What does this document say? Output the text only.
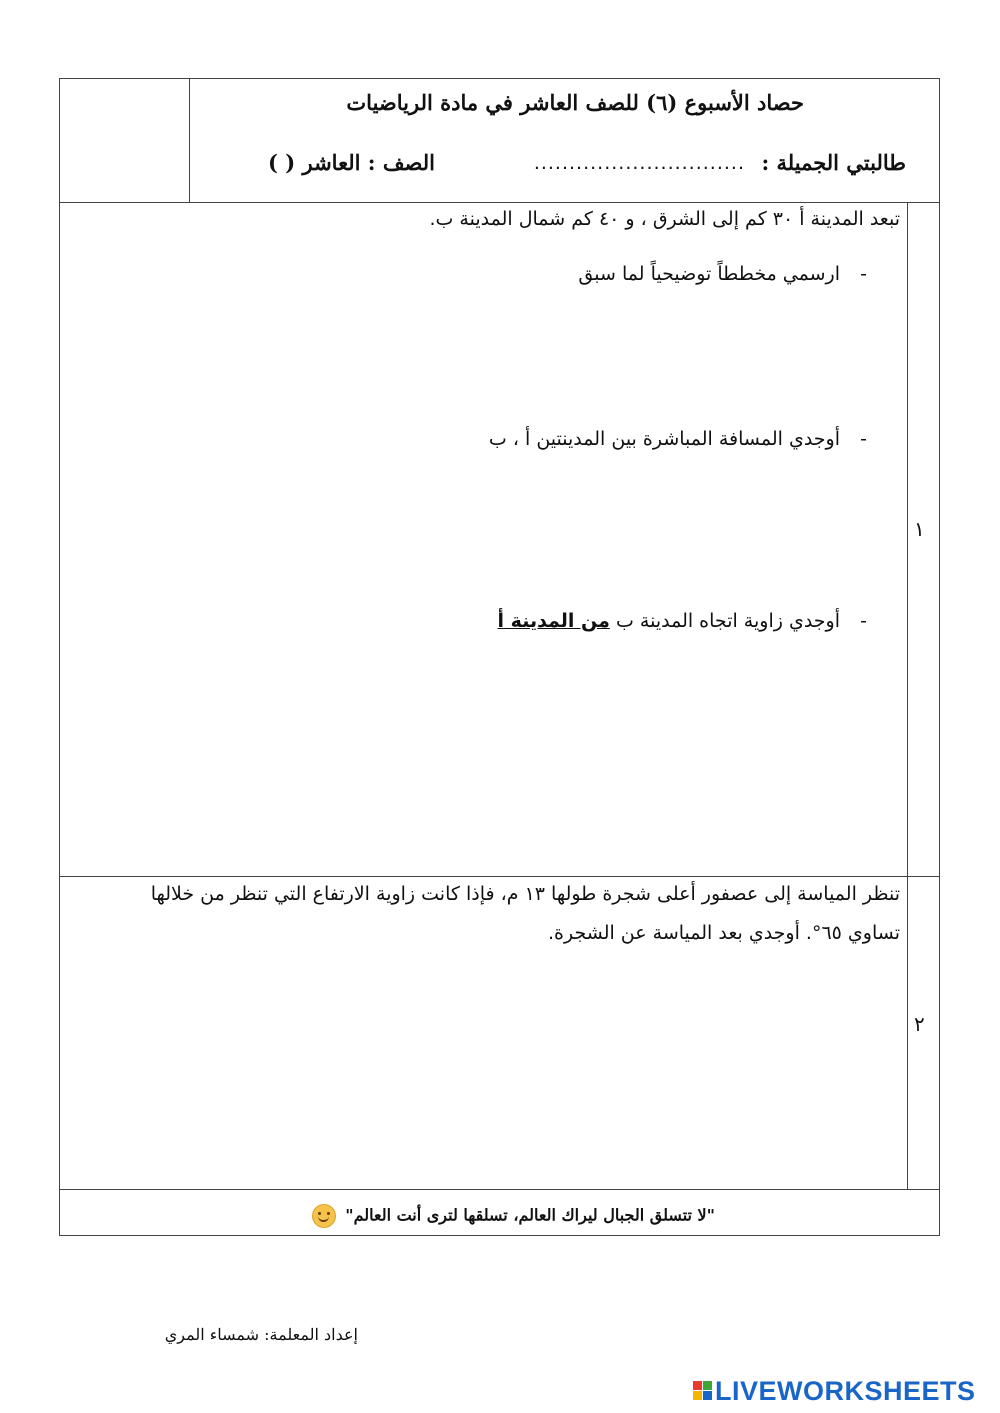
حصاد الأسبوع (٦) للصف العاشر في مادة الرياضيات
طالبتي الجميلة :
..............................
الصف : العاشر ( )
١
تبعد المدينة أ ٣٠ كم إلى الشرق ، و ٤٠ كم شمال المدينة ب.
-
ارسمي مخططاً توضيحياً لما سبق
-
أوجدي المسافة المباشرة بين المدينتين أ ، ب
-
أوجدي زاوية اتجاه المدينة ب من المدينة أ
٢
تنظر المياسة إلى عصفور أعلى شجرة طولها ١٣ م، فإذا كانت زاوية الارتفاع التي تنظر من خلالها
تساوي ٦٥°. أوجدي بعد المياسة عن الشجرة.
"لا تتسلق الجبال ليراك العالم، تسلقها لترى أنت العالم"
إعداد المعلمة: شمساء المري
LIVEWORKSHEETS
